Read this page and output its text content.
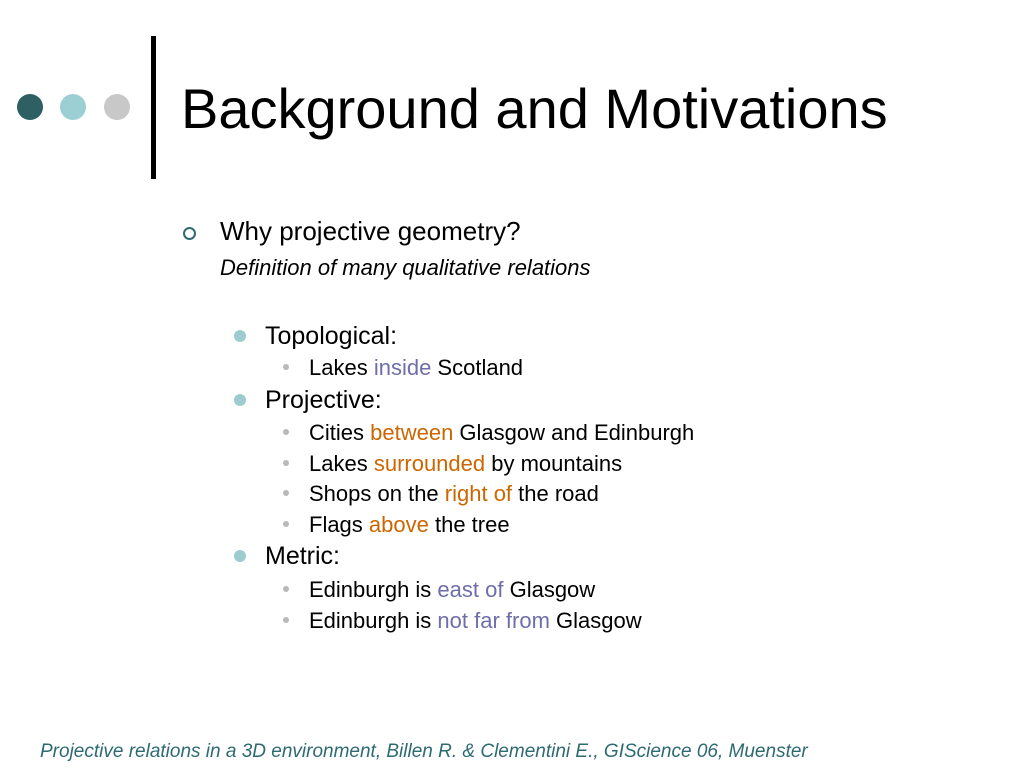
Background and Motivations
Why projective geometry?
Definition of many qualitative relations
Topological:
Lakes inside Scotland
Projective:
Cities between Glasgow and Edinburgh
Lakes surrounded by mountains
Shops on the right of the road
Flags above the tree
Metric:
Edinburgh is east of Glasgow
Edinburgh is not far from Glasgow
Projective relations in a 3D environment, Billen R. & Clementini E., GIScience 06, Muenster
